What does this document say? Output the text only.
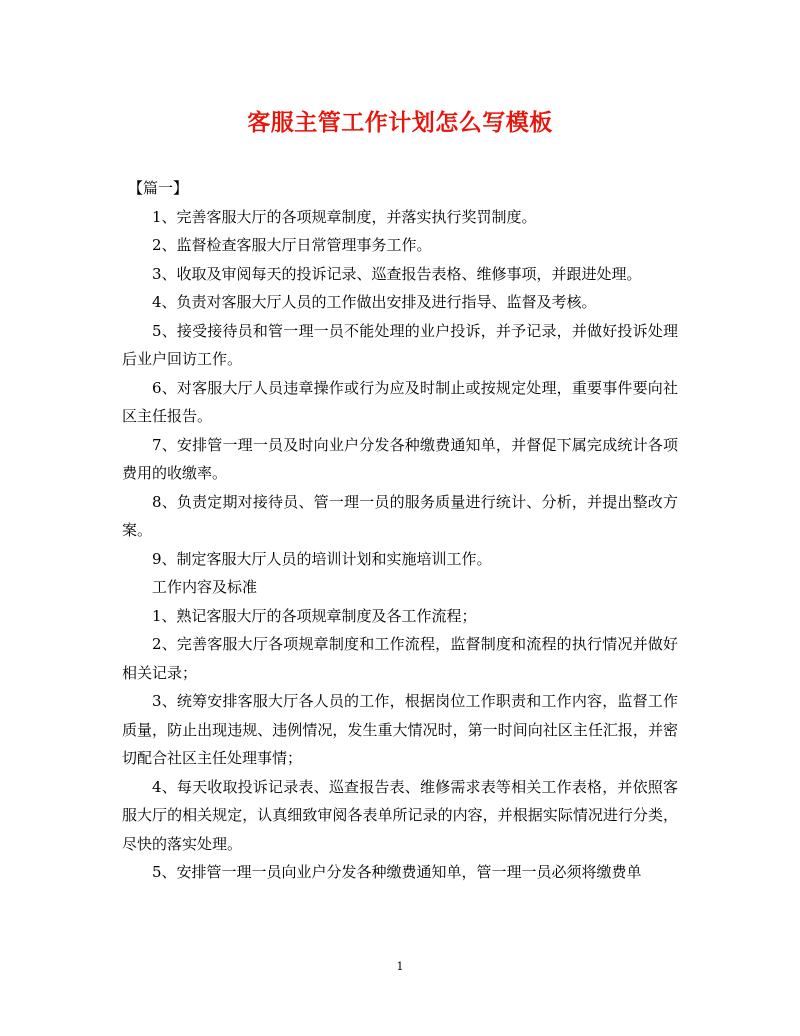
客服主管工作计划怎么写模板

【篇一】

1、完善客服大厅的各项规章制度，并落实执行奖罚制度。

2、监督检查客服大厅日常管理事务工作。

3、收取及审阅每天的投诉记录、巡查报告表格、维修事项，并跟进处理。

4、负责对客服大厅人员的工作做出安排及进行指导、监督及考核。

5、接受接待员和管一理一员不能处理的业户投诉，并予记录，并做好投诉处理后业户回访工作。

6、对客服大厅人员违章操作或行为应及时制止或按规定处理，重要事件要向社区主任报告。

7、安排管一理一员及时向业户分发各种缴费通知单，并督促下属完成统计各项费用的收缴率。

8、负责定期对接待员、管一理一员的服务质量进行统计、分析，并提出整改方案。

9、制定客服大厅人员的培训计划和实施培训工作。

工作内容及标准

1、熟记客服大厅的各项规章制度及各工作流程；

2、完善客服大厅各项规章制度和工作流程，监督制度和流程的执行情况并做好相关记录；

3、统筹安排客服大厅各人员的工作，根据岗位工作职责和工作内容，监督工作质量，防止出现违规、违例情况，发生重大情况时，第一时间向社区主任汇报，并密切配合社区主任处理事情；

4、每天收取投诉记录表、巡查报告表、维修需求表等相关工作表格，并依照客服大厅的相关规定，认真细致审阅各表单所记录的内容，并根据实际情况进行分类，尽快的落实处理。

5、安排管一理一员向业户分发各种缴费通知单，管一理一员必须将缴费单

1
